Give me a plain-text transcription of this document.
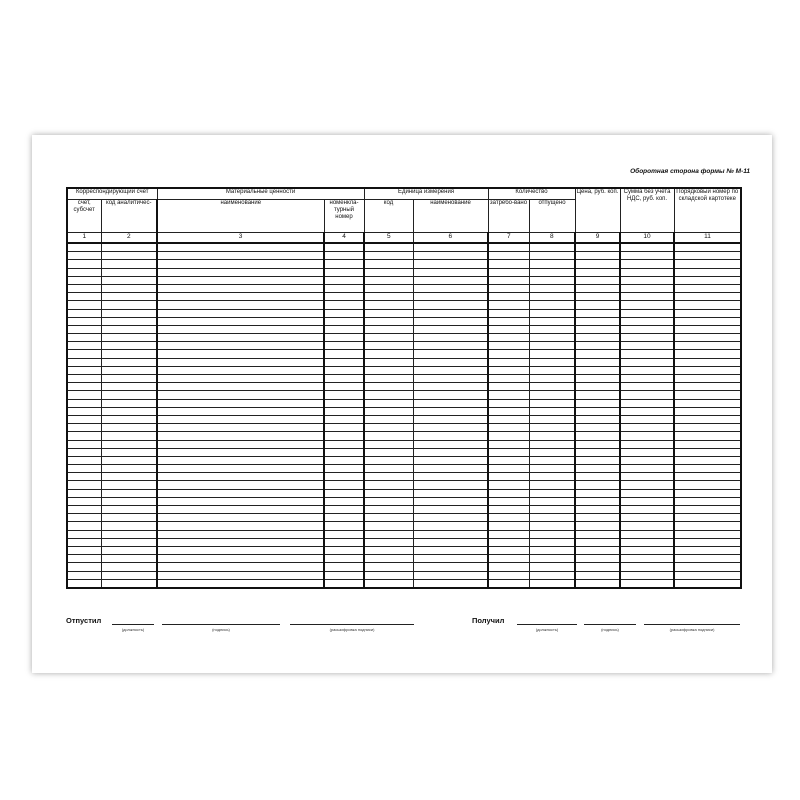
Оборотная сторона формы № М-11
Корреспондирующий счет		Материальные ценности		Единица измерения		Количество		Цена, руб. коп.	Сумма без учета НДС, руб. коп.	Порядковый номер по складской картотеке
счет, субсчет	код аналитичес-	наименование	номенкла-турный номер	код	наименование	затребо-вано	отпущено			
1	2	3	4	5	6	7	8	9	10	11

Отпустил
(должность)	(подпись)	(расшифровка подписи)
Получил
(должность)	(подпись)	(расшифровка подписи)
